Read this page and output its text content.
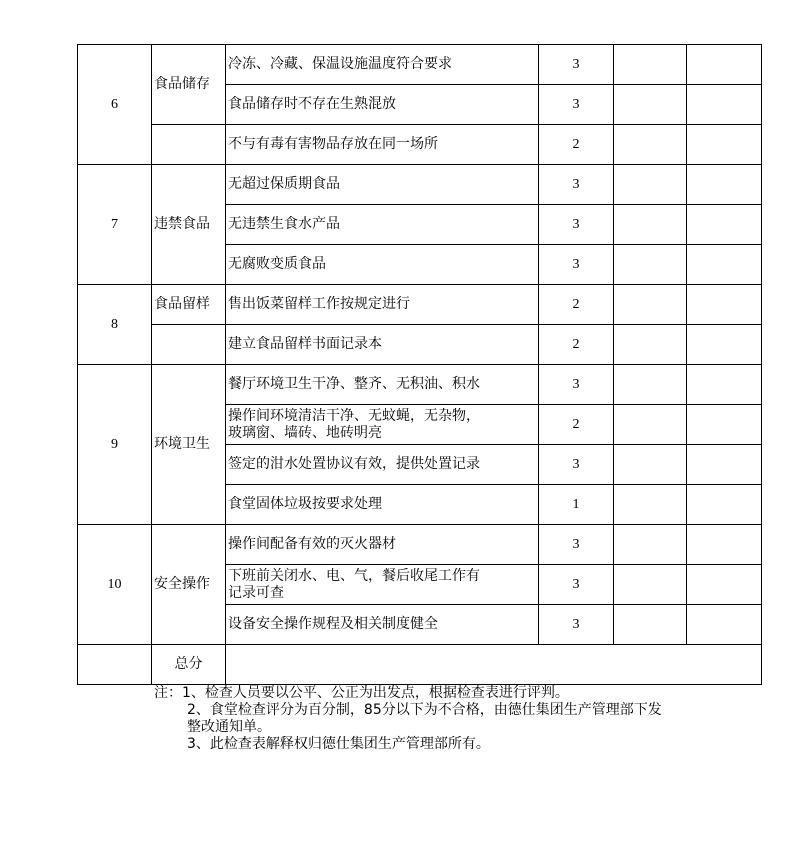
6	食品储存	冷冻、冷藏、保温设施温度符合要求	3		
		食品储存时不存在生熟混放	3		
		不与有毒有害物品存放在同一场所	2		
7	违禁食品	无超过保质期食品	3		
		无违禁生食水产品	3		
		无腐败变质食品	3		
8	食品留样	售出饭菜留样工作按规定进行	2		
		建立食品留样书面记录本	2		
9	环境卫生	餐厅环境卫生干净、整齐、无积油、积水	3		
		操作间环境清洁干净、无蚊蝇，无杂物，
玻璃窗、墙砖、地砖明亮	2		
		签定的泔水处置协议有效，提供处置记录	3		
		食堂固体垃圾按要求处理	1		
10	安全操作	操作间配备有效的灭火器材	3		
		下班前关闭水、电、气，餐后收尾工作有
记录可查	3		
		设备安全操作规程及相关制度健全	3		
	总分				
注：1、检查人员要以公平、公正为出发点，根据检查表进行评判。
2、食堂检查评分为百分制，85分以下为不合格，由德仕集团生产管理部下发
整改通知单。
3、此检查表解释权归德仕集团生产管理部所有。
